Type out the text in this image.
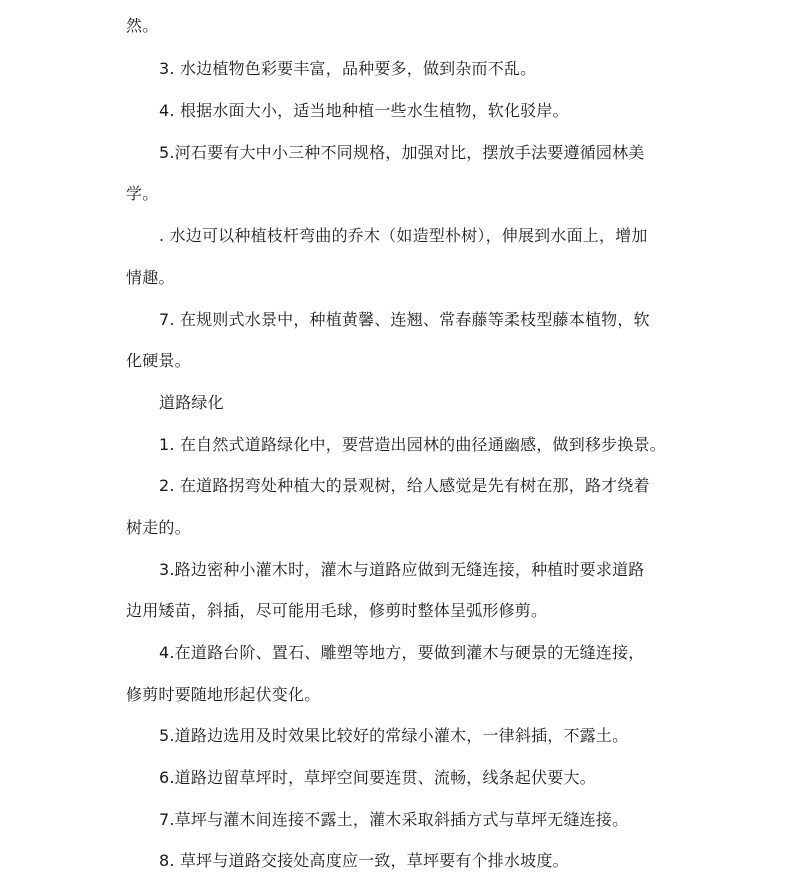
然。
3. 水边植物色彩要丰富，品种要多，做到杂而不乱。
4. 根据水面大小，适当地种植一些水生植物，软化驳岸。
5.河石要有大中小三种不同规格，加强对比，摆放手法要遵循园林美
学。
. 水边可以种植枝杆弯曲的乔木（如造型朴树），伸展到水面上，增加
情趣。
7. 在规则式水景中，种植黄馨、连翘、常春藤等柔枝型藤本植物，软
化硬景。
道路绿化
1. 在自然式道路绿化中，要营造出园林的曲径通幽感，做到移步换景。
2. 在道路拐弯处种植大的景观树，给人感觉是先有树在那，路才绕着
树走的。
3.路边密种小灌木时，灌木与道路应做到无缝连接，种植时要求道路
边用矮苗，斜插，尽可能用毛球，修剪时整体呈弧形修剪。
4.在道路台阶、置石、雕塑等地方，要做到灌木与硬景的无缝连接，
修剪时要随地形起伏变化。
5.道路边选用及时效果比较好的常绿小灌木，一律斜插，不露土。
6.道路边留草坪时，草坪空间要连贯、流畅，线条起伏要大。
7.草坪与灌木间连接不露土，灌木采取斜插方式与草坪无缝连接。
8. 草坪与道路交接处高度应一致，草坪要有个排水坡度。
